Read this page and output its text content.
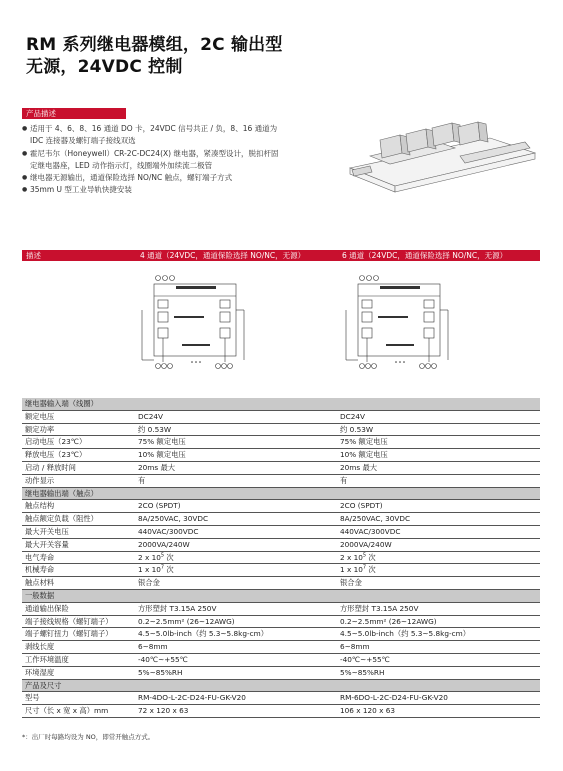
RM 系列继电器模组，2C 输出型
无源，24VDC 控制
产品描述
● 适用于 4、6、8、16 通道 DO 卡，24VDC 信号共正 / 负，8、16 通道为 IDC 连接器及螺钉端子接线双选
● 霍尼韦尔（Honeywell）CR-2C-DC24(X) 继电器，紧凑型设计，脱扣杆固定继电器座，LED 动作指示灯，线圈端外加续流二极管
● 继电器无源输出，通道保险选择 NO/NC 触点，螺钉端子方式
● 35mm U 型工业导轨快捷安装
描述	4 通道（24VDC，通道保险选择 NO/NC，无源）	6 通道（24VDC，通道保险选择 NO/NC，无源）
继电器输入端（线圈）
额定电压	DC24V	DC24V
额定功率	约 0.53W	约 0.53W
启动电压（23℃）	75% 额定电压	75% 额定电压
释放电压（23℃）	10% 额定电压	10% 额定电压
启动 / 释放时间	20ms 最大	20ms 最大
动作显示	有	有
继电器输出端（触点）
触点结构	2CO (SPDT)	2CO (SPDT)
触点额定负载（阻性）	8A/250VAC, 30VDC	8A/250VAC, 30VDC
最大开关电压	440VAC/300VDC	440VAC/300VDC
最大开关容量	2000VA/240W	2000VA/240W
电气寿命	2 x $10^5$ 次	2 x $10^5$ 次
机械寿命	1 x $10^7$ 次	1 x $10^7$ 次
触点材料	银合金	银合金
一般数据
通道输出保险	方形塑封 T3.15A 250V	方形塑封 T3.15A 250V
端子接线规格（螺钉端子）	0.2~2.5mm² (26~12AWG)	0.2~2.5mm² (26~12AWG)
端子螺钉扭力（螺钉端子）	4.5~5.0lb-inch（约 5.3~5.8kg-cm）	4.5~5.0lb-inch（约 5.3~5.8kg-cm）
剥线长度	6~8mm	6~8mm
工作环境温度	-40℃~+55℃	-40℃~+55℃
环境湿度	5%~85%RH	5%~85%RH
产品及尺寸
型号	RM-4DO-L-2C-D24-FU-GK-V20	RM-6DO-L-2C-D24-FU-GK-V20
尺寸（长 x 宽 x 高）mm	72 x 120 x 63	106 x 120 x 63
*：出厂时每路均设为 NO，即常开触点方式。
